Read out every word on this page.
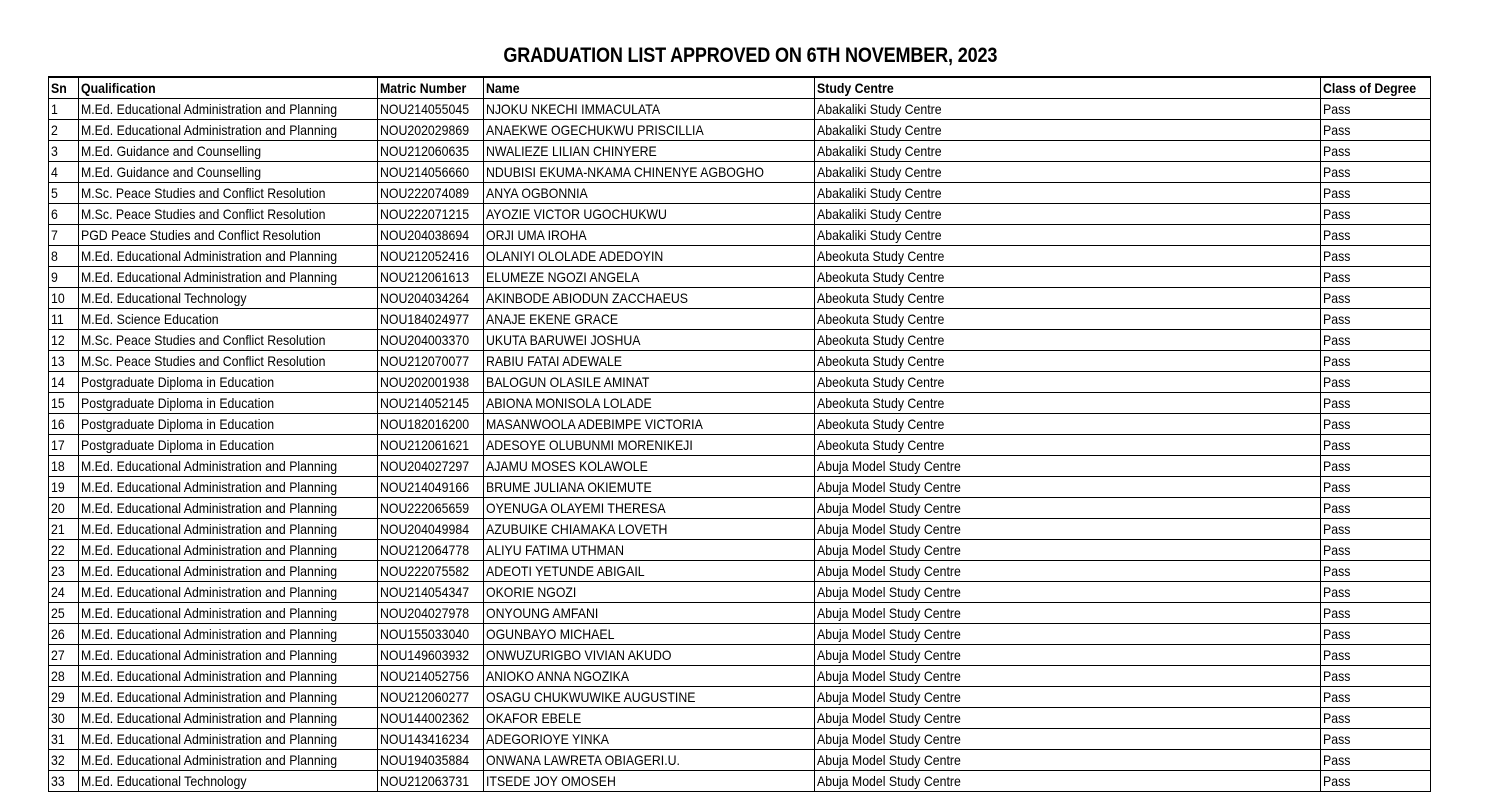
GRADUATION LIST APPROVED ON 6TH NOVEMBER, 2023
Sn	Qualification	Matric Number	Name	Study Centre	Class of Degree
1	M.Ed. Educational Administration and Planning	NOU214055045	NJOKU NKECHI IMMACULATA	Abakaliki Study Centre	Pass
2	M.Ed. Educational Administration and Planning	NOU202029869	ANAEKWE OGECHUKWU PRISCILLIA	Abakaliki Study Centre	Pass
3	M.Ed. Guidance and Counselling	NOU212060635	NWALIEZE LILIAN CHINYERE	Abakaliki Study Centre	Pass
4	M.Ed. Guidance and Counselling	NOU214056660	NDUBISI EKUMA-NKAMA CHINENYE AGBOGHO	Abakaliki Study Centre	Pass
5	M.Sc. Peace Studies and Conflict Resolution	NOU222074089	ANYA OGBONNIA	Abakaliki Study Centre	Pass
6	M.Sc. Peace Studies and Conflict Resolution	NOU222071215	AYOZIE VICTOR UGOCHUKWU	Abakaliki Study Centre	Pass
7	PGD Peace Studies and Conflict Resolution	NOU204038694	ORJI UMA IROHA	Abakaliki Study Centre	Pass
8	M.Ed. Educational Administration and Planning	NOU212052416	OLANIYI OLOLADE ADEDOYIN	Abeokuta Study Centre	Pass
9	M.Ed. Educational Administration and Planning	NOU212061613	ELUMEZE NGOZI ANGELA	Abeokuta Study Centre	Pass
10	M.Ed. Educational Technology	NOU204034264	AKINBODE ABIODUN ZACCHAEUS	Abeokuta Study Centre	Pass
11	M.Ed. Science Education	NOU184024977	ANAJE EKENE GRACE	Abeokuta Study Centre	Pass
12	M.Sc. Peace Studies and Conflict Resolution	NOU204003370	UKUTA BARUWEI JOSHUA	Abeokuta Study Centre	Pass
13	M.Sc. Peace Studies and Conflict Resolution	NOU212070077	RABIU FATAI ADEWALE	Abeokuta Study Centre	Pass
14	Postgraduate Diploma in Education	NOU202001938	BALOGUN OLASILE AMINAT	Abeokuta Study Centre	Pass
15	Postgraduate Diploma in Education	NOU214052145	ABIONA MONISOLA LOLADE	Abeokuta Study Centre	Pass
16	Postgraduate Diploma in Education	NOU182016200	MASANWOOLA ADEBIMPE VICTORIA	Abeokuta Study Centre	Pass
17	Postgraduate Diploma in Education	NOU212061621	ADESOYE OLUBUNMI MORENIKEJI	Abeokuta Study Centre	Pass
18	M.Ed. Educational Administration and Planning	NOU204027297	AJAMU MOSES KOLAWOLE	Abuja Model Study Centre	Pass
19	M.Ed. Educational Administration and Planning	NOU214049166	BRUME JULIANA OKIEMUTE	Abuja Model Study Centre	Pass
20	M.Ed. Educational Administration and Planning	NOU222065659	OYENUGA OLAYEMI THERESA	Abuja Model Study Centre	Pass
21	M.Ed. Educational Administration and Planning	NOU204049984	AZUBUIKE CHIAMAKA LOVETH	Abuja Model Study Centre	Pass
22	M.Ed. Educational Administration and Planning	NOU212064778	ALIYU FATIMA UTHMAN	Abuja Model Study Centre	Pass
23	M.Ed. Educational Administration and Planning	NOU222075582	ADEOTI YETUNDE ABIGAIL	Abuja Model Study Centre	Pass
24	M.Ed. Educational Administration and Planning	NOU214054347	OKORIE NGOZI	Abuja Model Study Centre	Pass
25	M.Ed. Educational Administration and Planning	NOU204027978	ONYOUNG AMFANI	Abuja Model Study Centre	Pass
26	M.Ed. Educational Administration and Planning	NOU155033040	OGUNBAYO MICHAEL	Abuja Model Study Centre	Pass
27	M.Ed. Educational Administration and Planning	NOU149603932	ONWUZURIGBO VIVIAN AKUDO	Abuja Model Study Centre	Pass
28	M.Ed. Educational Administration and Planning	NOU214052756	ANIOKO ANNA NGOZIKA	Abuja Model Study Centre	Pass
29	M.Ed. Educational Administration and Planning	NOU212060277	OSAGU CHUKWUWIKE AUGUSTINE	Abuja Model Study Centre	Pass
30	M.Ed. Educational Administration and Planning	NOU144002362	OKAFOR EBELE	Abuja Model Study Centre	Pass
31	M.Ed. Educational Administration and Planning	NOU143416234	ADEGORIOYE YINKA	Abuja Model Study Centre	Pass
32	M.Ed. Educational Administration and Planning	NOU194035884	ONWANA LAWRETA OBIAGERI.U.	Abuja Model Study Centre	Pass
33	M.Ed. Educational Technology	NOU212063731	ITSEDE JOY OMOSEH	Abuja Model Study Centre	Pass
